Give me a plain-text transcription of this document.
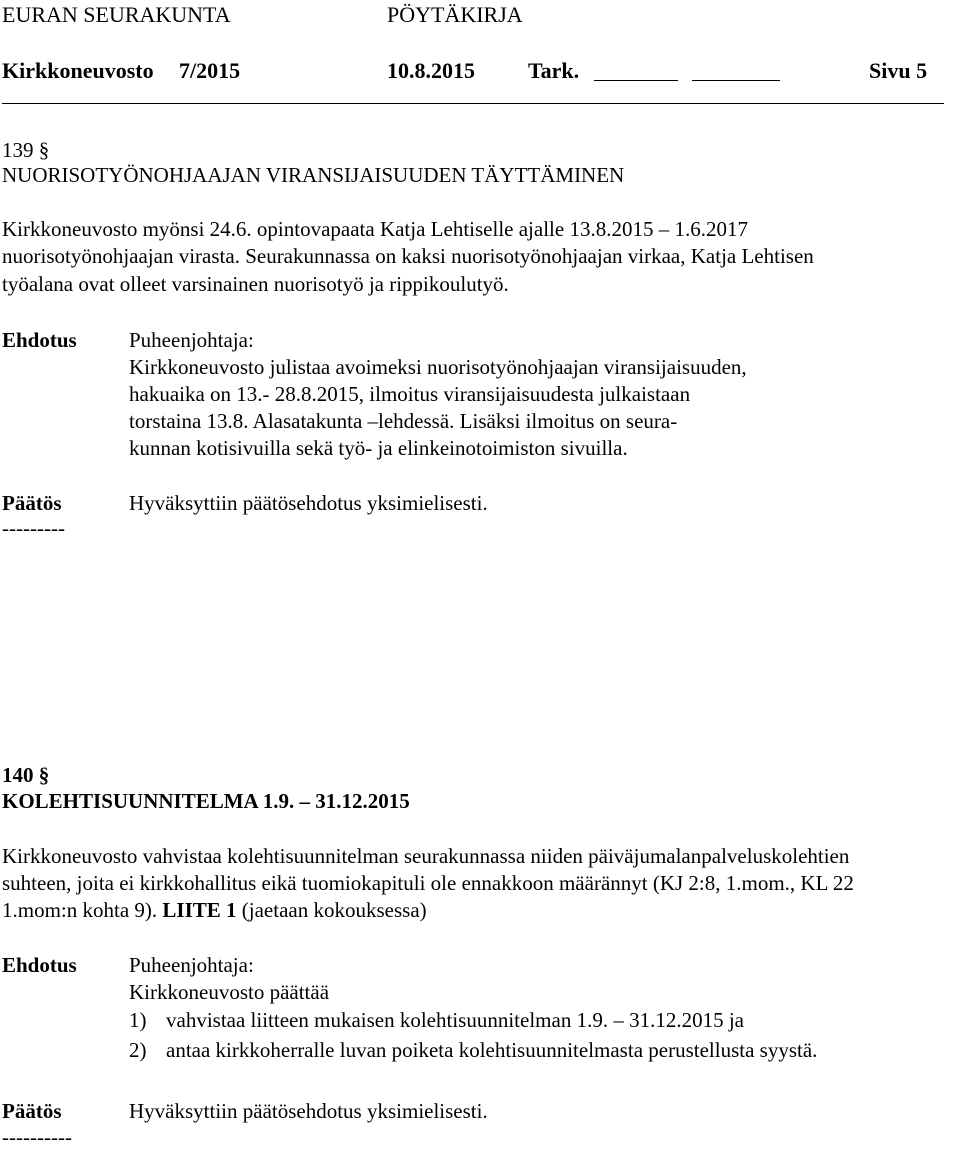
EURAN SEURAKUNTA	PÖYTÄKIRJA
Kirkkoneuvosto 7/2015	10.8.2015 Tark.	Sivu 5
139 §
NUORISOTYÖNOHJAAJAN VIRANSIJAISUUDEN TÄYTTÄMINEN
Kirkkoneuvosto myönsi 24.6. opintovapaata Katja Lehtiselle ajalle 13.8.2015 – 1.6.2017
nuorisotyönohjaajan virasta. Seurakunnassa on kaksi nuorisotyönohjaajan virkaa, Katja Lehtisen
työalana ovat olleet varsinainen nuorisotyö ja rippikoulutyö.
Ehdotus Puheenjohtaja:
Kirkkoneuvosto julistaa avoimeksi nuorisotyönohjaajan viransijaisuuden,
hakuaika on 13.- 28.8.2015, ilmoitus viransijaisuudesta julkaistaan
torstaina 13.8. Alasatakunta –lehdessä. Lisäksi ilmoitus on seura-
kunnan kotisivuilla sekä työ- ja elinkeinotoimiston sivuilla.
Päätös	Hyväksyttiin päätösehdotus yksimielisesti.
---------
140 §
KOLEHTISUUNNITELMA 1.9. – 31.12.2015
Kirkkoneuvosto vahvistaa kolehtisuunnitelman seurakunnassa niiden päiväjumalanpalveluskolehtien
suhteen, joita ei kirkkohallitus eikä tuomiokapituli ole ennakkoon määrännyt (KJ 2:8, 1.mom., KL 22
1.mom:n kohta 9). LIITE 1 (jaetaan kokouksessa)
Ehdotus Puheenjohtaja:
Kirkkoneuvosto päättää
1) vahvistaa liitteen mukaisen kolehtisuunnitelman 1.9. – 31.12.2015 ja
2) antaa kirkkoherralle luvan poiketa kolehtisuunnitelmasta perustellusta syystä.
Päätös	Hyväksyttiin päätösehdotus yksimielisesti.
----------
